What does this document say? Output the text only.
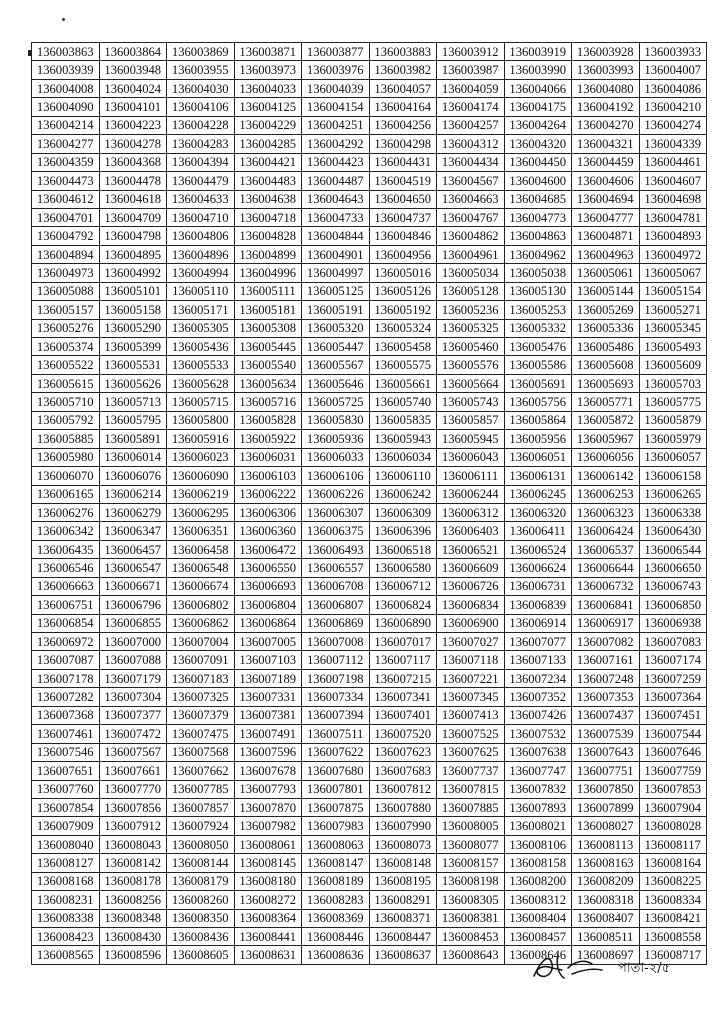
136003863	136003864	136003869	136003871	136003877	136003883	136003912	136003919	136003928	136003933
136003939	136003948	136003955	136003973	136003976	136003982	136003987	136003990	136003993	136004007
136004008	136004024	136004030	136004033	136004039	136004057	136004059	136004066	136004080	136004086
136004090	136004101	136004106	136004125	136004154	136004164	136004174	136004175	136004192	136004210
136004214	136004223	136004228	136004229	136004251	136004256	136004257	136004264	136004270	136004274
136004277	136004278	136004283	136004285	136004292	136004298	136004312	136004320	136004321	136004339
136004359	136004368	136004394	136004421	136004423	136004431	136004434	136004450	136004459	136004461
136004473	136004478	136004479	136004483	136004487	136004519	136004567	136004600	136004606	136004607
136004612	136004618	136004633	136004638	136004643	136004650	136004663	136004685	136004694	136004698
136004701	136004709	136004710	136004718	136004733	136004737	136004767	136004773	136004777	136004781
136004792	136004798	136004806	136004828	136004844	136004846	136004862	136004863	136004871	136004893
136004894	136004895	136004896	136004899	136004901	136004956	136004961	136004962	136004963	136004972
136004973	136004992	136004994	136004996	136004997	136005016	136005034	136005038	136005061	136005067
136005088	136005101	136005110	136005111	136005125	136005126	136005128	136005130	136005144	136005154
136005157	136005158	136005171	136005181	136005191	136005192	136005236	136005253	136005269	136005271
136005276	136005290	136005305	136005308	136005320	136005324	136005325	136005332	136005336	136005345
136005374	136005399	136005436	136005445	136005447	136005458	136005460	136005476	136005486	136005493
136005522	136005531	136005533	136005540	136005567	136005575	136005576	136005586	136005608	136005609
136005615	136005626	136005628	136005634	136005646	136005661	136005664	136005691	136005693	136005703
136005710	136005713	136005715	136005716	136005725	136005740	136005743	136005756	136005771	136005775
136005792	136005795	136005800	136005828	136005830	136005835	136005857	136005864	136005872	136005879
136005885	136005891	136005916	136005922	136005936	136005943	136005945	136005956	136005967	136005979
136005980	136006014	136006023	136006031	136006033	136006034	136006043	136006051	136006056	136006057
136006070	136006076	136006090	136006103	136006106	136006110	136006111	136006131	136006142	136006158
136006165	136006214	136006219	136006222	136006226	136006242	136006244	136006245	136006253	136006265
136006276	136006279	136006295	136006306	136006307	136006309	136006312	136006320	136006323	136006338
136006342	136006347	136006351	136006360	136006375	136006396	136006403	136006411	136006424	136006430
136006435	136006457	136006458	136006472	136006493	136006518	136006521	136006524	136006537	136006544
136006546	136006547	136006548	136006550	136006557	136006580	136006609	136006624	136006644	136006650
136006663	136006671	136006674	136006693	136006708	136006712	136006726	136006731	136006732	136006743
136006751	136006796	136006802	136006804	136006807	136006824	136006834	136006839	136006841	136006850
136006854	136006855	136006862	136006864	136006869	136006890	136006900	136006914	136006917	136006938
136006972	136007000	136007004	136007005	136007008	136007017	136007027	136007077	136007082	136007083
136007087	136007088	136007091	136007103	136007112	136007117	136007118	136007133	136007161	136007174
136007178	136007179	136007183	136007189	136007198	136007215	136007221	136007234	136007248	136007259
136007282	136007304	136007325	136007331	136007334	136007341	136007345	136007352	136007353	136007364
136007368	136007377	136007379	136007381	136007394	136007401	136007413	136007426	136007437	136007451
136007461	136007472	136007475	136007491	136007511	136007520	136007525	136007532	136007539	136007544
136007546	136007567	136007568	136007596	136007622	136007623	136007625	136007638	136007643	136007646
136007651	136007661	136007662	136007678	136007680	136007683	136007737	136007747	136007751	136007759
136007760	136007770	136007785	136007793	136007801	136007812	136007815	136007832	136007850	136007853
136007854	136007856	136007857	136007870	136007875	136007880	136007885	136007893	136007899	136007904
136007909	136007912	136007924	136007982	136007983	136007990	136008005	136008021	136008027	136008028
136008040	136008043	136008050	136008061	136008063	136008073	136008077	136008106	136008113	136008117
136008127	136008142	136008144	136008145	136008147	136008148	136008157	136008158	136008163	136008164
136008168	136008178	136008179	136008180	136008189	136008195	136008198	136008200	136008209	136008225
136008231	136008256	136008260	136008272	136008283	136008291	136008305	136008312	136008318	136008334
136008338	136008348	136008350	136008364	136008369	136008371	136008381	136008404	136008407	136008421
136008423	136008430	136008436	136008441	136008446	136008447	136008453	136008457	136008511	136008558
136008565	136008596	136008605	136008631	136008636	136008637	136008643	136008646	136008697	136008717
পাতা-২/৫
